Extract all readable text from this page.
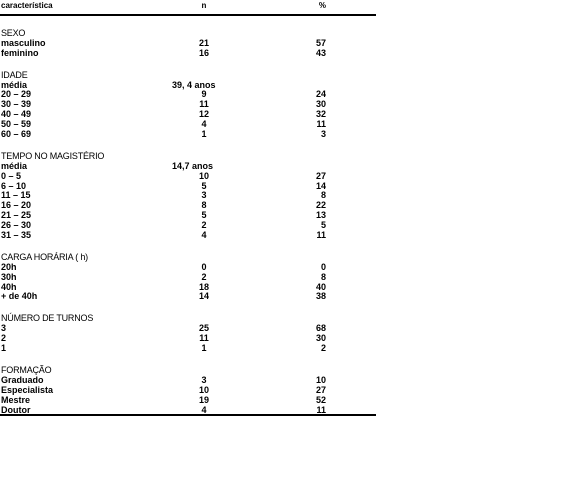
característica	n	%
SEXO
masculino	21	57
feminino	16	43
IDADE
média	39, 4 anos
20 – 29	9	24
30 – 39	11	30
40 – 49	12	32
50 – 59	4	11
60 – 69	1	3
TEMPO NO MAGISTÉRIO
média	14,7 anos
0 – 5	10	27
6 – 10	5	14
11 – 15	3	8
16 – 20	8	22
21 – 25	5	13
26 – 30	2	5
31 – 35	4	11
CARGA HORÁRIA ( h)
20h	0	0
30h	2	8
40h	18	40
+ de 40h	14	38
NÚMERO DE TURNOS
3	25	68
2	11	30
1	1	2
FORMAÇÃO
Graduado	3	10
Especialista	10	27
Mestre	19	52
Doutor	4	11
